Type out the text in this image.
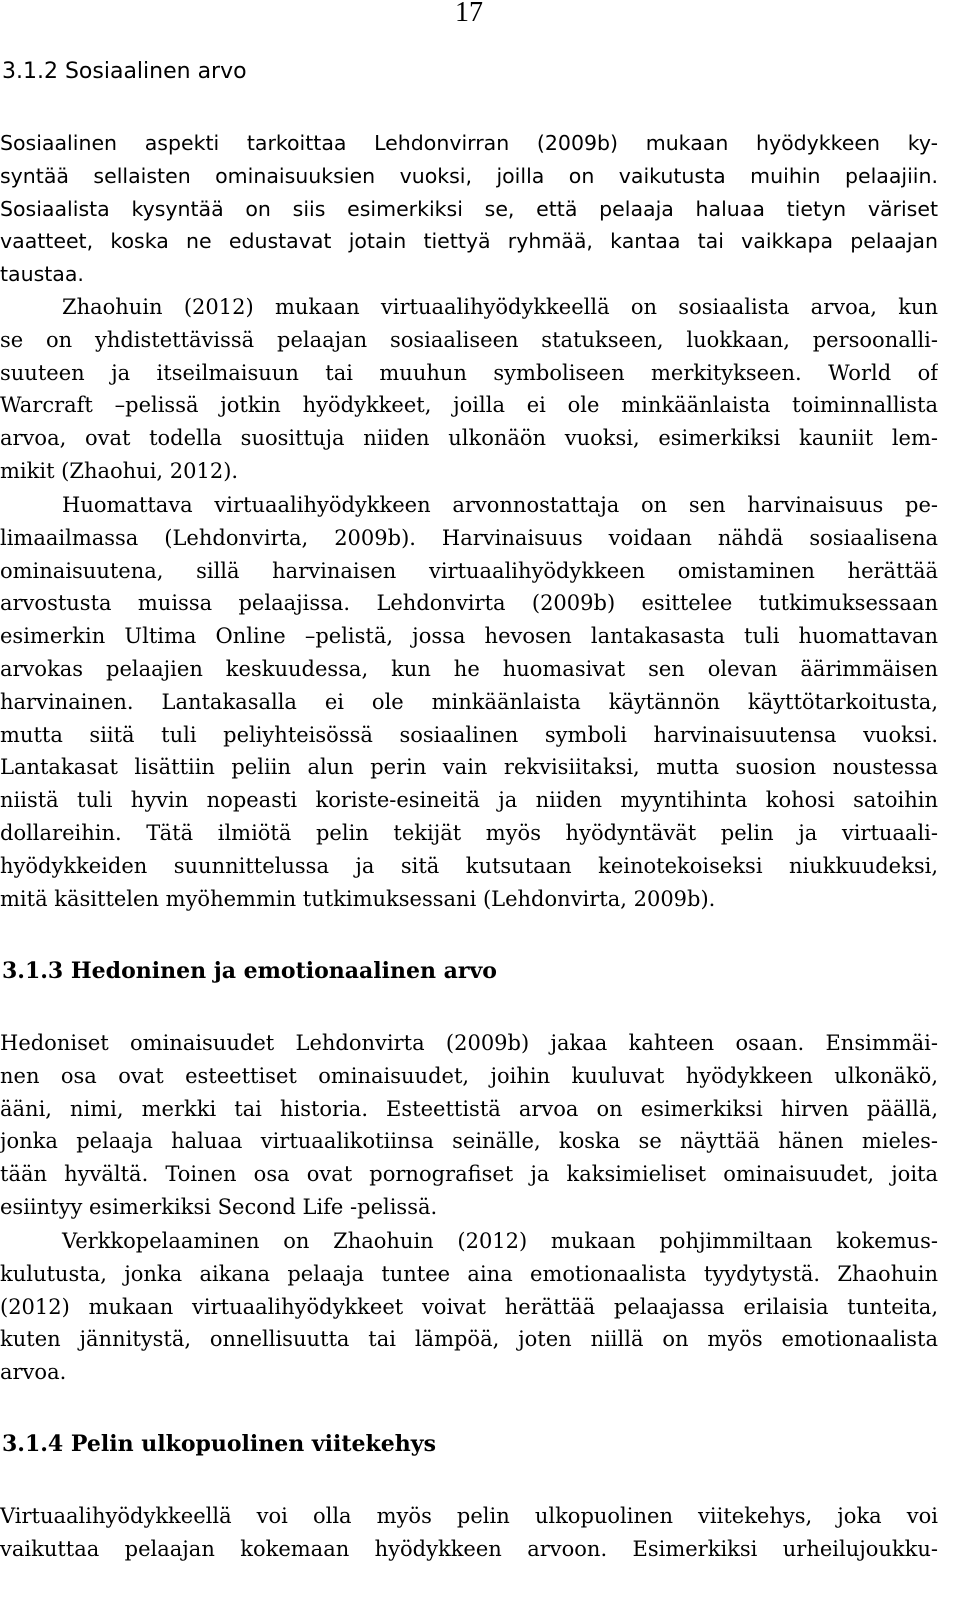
17
3.1.2 Sosiaalinen arvo
Sosiaalinen aspekti tarkoittaa Lehdonvirran (2009b) mukaan hyödykkeen ky-
syntää sellaisten ominaisuuksien vuoksi, joilla on vaikutusta muihin pelaajiin.
Sosiaalista kysyntää on siis esimerkiksi se, että pelaaja haluaa tietyn väriset
vaatteet, koska ne edustavat jotain tiettyä ryhmää, kantaa tai vaikkapa pelaajan
taustaa.
Zhaohuin (2012) mukaan virtuaalihyödykkeellä on sosiaalista arvoa, kun
se on yhdistettävissä pelaajan sosiaaliseen statukseen, luokkaan, persoonalli-
suuteen ja itseilmaisuun tai muuhun symboliseen merkitykseen. World of
Warcraft –pelissä jotkin hyödykkeet, joilla ei ole minkäänlaista toiminnallista
arvoa, ovat todella suosittuja niiden ulkonäön vuoksi, esimerkiksi kauniit lem-
mikit (Zhaohui, 2012).
Huomattava virtuaalihyödykkeen arvonnostattaja on sen harvinaisuus pe-
limaailmassa (Lehdonvirta, 2009b). Harvinaisuus voidaan nähdä sosiaalisena
ominaisuutena, sillä harvinaisen virtuaalihyödykkeen omistaminen herättää
arvostusta muissa pelaajissa. Lehdonvirta (2009b) esittelee tutkimuksessaan
esimerkin Ultima Online –pelistä, jossa hevosen lantakasasta tuli huomattavan
arvokas pelaajien keskuudessa, kun he huomasivat sen olevan äärimmäisen
harvinainen. Lantakasalla ei ole minkäänlaista käytännön käyttötarkoitusta,
mutta siitä tuli peliyhteisössä sosiaalinen symboli harvinaisuutensa vuoksi.
Lantakasat lisättiin peliin alun perin vain rekvisiitaksi, mutta suosion noustessa
niistä tuli hyvin nopeasti koriste-esineitä ja niiden myyntihinta kohosi satoihin
dollareihin. Tätä ilmiötä pelin tekijät myös hyödyntävät pelin ja virtuaali-
hyödykkeiden suunnittelussa ja sitä kutsutaan keinotekoiseksi niukkuudeksi,
mitä käsittelen myöhemmin tutkimuksessani (Lehdonvirta, 2009b).
3.1.3 Hedoninen ja emotionaalinen arvo
Hedoniset ominaisuudet Lehdonvirta (2009b) jakaa kahteen osaan. Ensimmäi-
nen osa ovat esteettiset ominaisuudet, joihin kuuluvat hyödykkeen ulkonäkö,
ääni, nimi, merkki tai historia. Esteettistä arvoa on esimerkiksi hirven päällä,
jonka pelaaja haluaa virtuaalikotiinsa seinälle, koska se näyttää hänen mieles-
tään hyvältä. Toinen osa ovat pornografiset ja kaksimieliset ominaisuudet, joita
esiintyy esimerkiksi Second Life -pelissä.
Verkkopelaaminen on Zhaohuin (2012) mukaan pohjimmiltaan kokemus-
kulutusta, jonka aikana pelaaja tuntee aina emotionaalista tyydytystä. Zhaohuin
(2012) mukaan virtuaalihyödykkeet voivat herättää pelaajassa erilaisia tunteita,
kuten jännitystä, onnellisuutta tai lämpöä, joten niillä on myös emotionaalista
arvoa.
3.1.4 Pelin ulkopuolinen viitekehys
Virtuaalihyödykkeellä voi olla myös pelin ulkopuolinen viitekehys, joka voi
vaikuttaa pelaajan kokemaan hyödykkeen arvoon. Esimerkiksi urheilujoukku-
